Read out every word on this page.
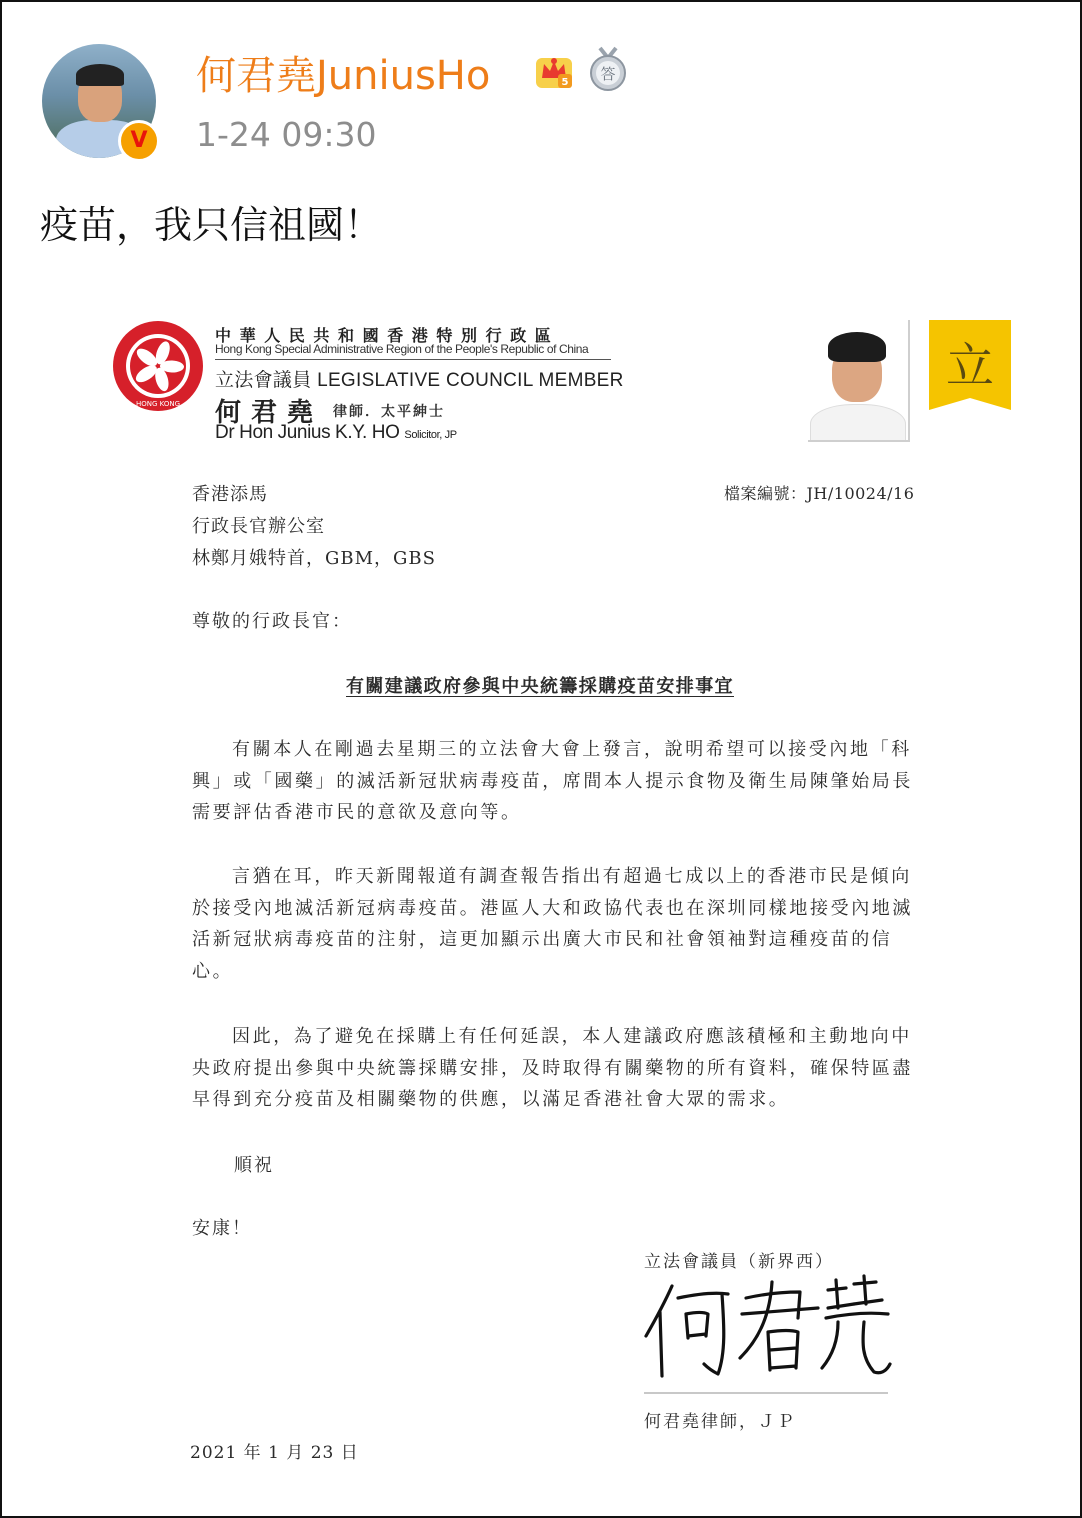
V
何君堯JuniusHo	5 答
1-24 09:30
疫苗，我只信祖國！
HONG KONG
中華人民共和國香港特別行政區
Hong Kong Special Administrative Region of the People's Republic of China
立法會議員 LEGISLATIVE COUNCIL MEMBER
何君堯 律師．太平紳士
Dr Hon Junius K.Y. HO Solicitor, JP
立
香港添馬
行政長官辦公室
林鄭月娥特首，GBM，GBS
檔案編號：JH/10024/16
尊敬的行政長官：
有關建議政府參與中央統籌採購疫苗安排事宜
有關本人在剛過去星期三的立法會大會上發言，說明希望可以接受內地「科
興」或「國藥」的滅活新冠狀病毒疫苗，席間本人提示食物及衛生局陳肇始局長
需要評估香港市民的意欲及意向等。
言猶在耳，昨天新聞報道有調查報告指出有超過七成以上的香港市民是傾向
於接受內地滅活新冠病毒疫苗。港區人大和政協代表也在深圳同樣地接受內地滅
活新冠狀病毒疫苗的注射，這更加顯示出廣大市民和社會領袖對這種疫苗的信
心。
因此，為了避免在採購上有任何延誤，本人建議政府應該積極和主動地向中
央政府提出參與中央統籌採購安排，及時取得有關藥物的所有資料，確保特區盡
早得到充分疫苗及相關藥物的供應，以滿足香港社會大眾的需求。
順祝
安康！
立法會議員（新界西）
何君堯律師，ＪＰ
2021 年 1 月 23 日
